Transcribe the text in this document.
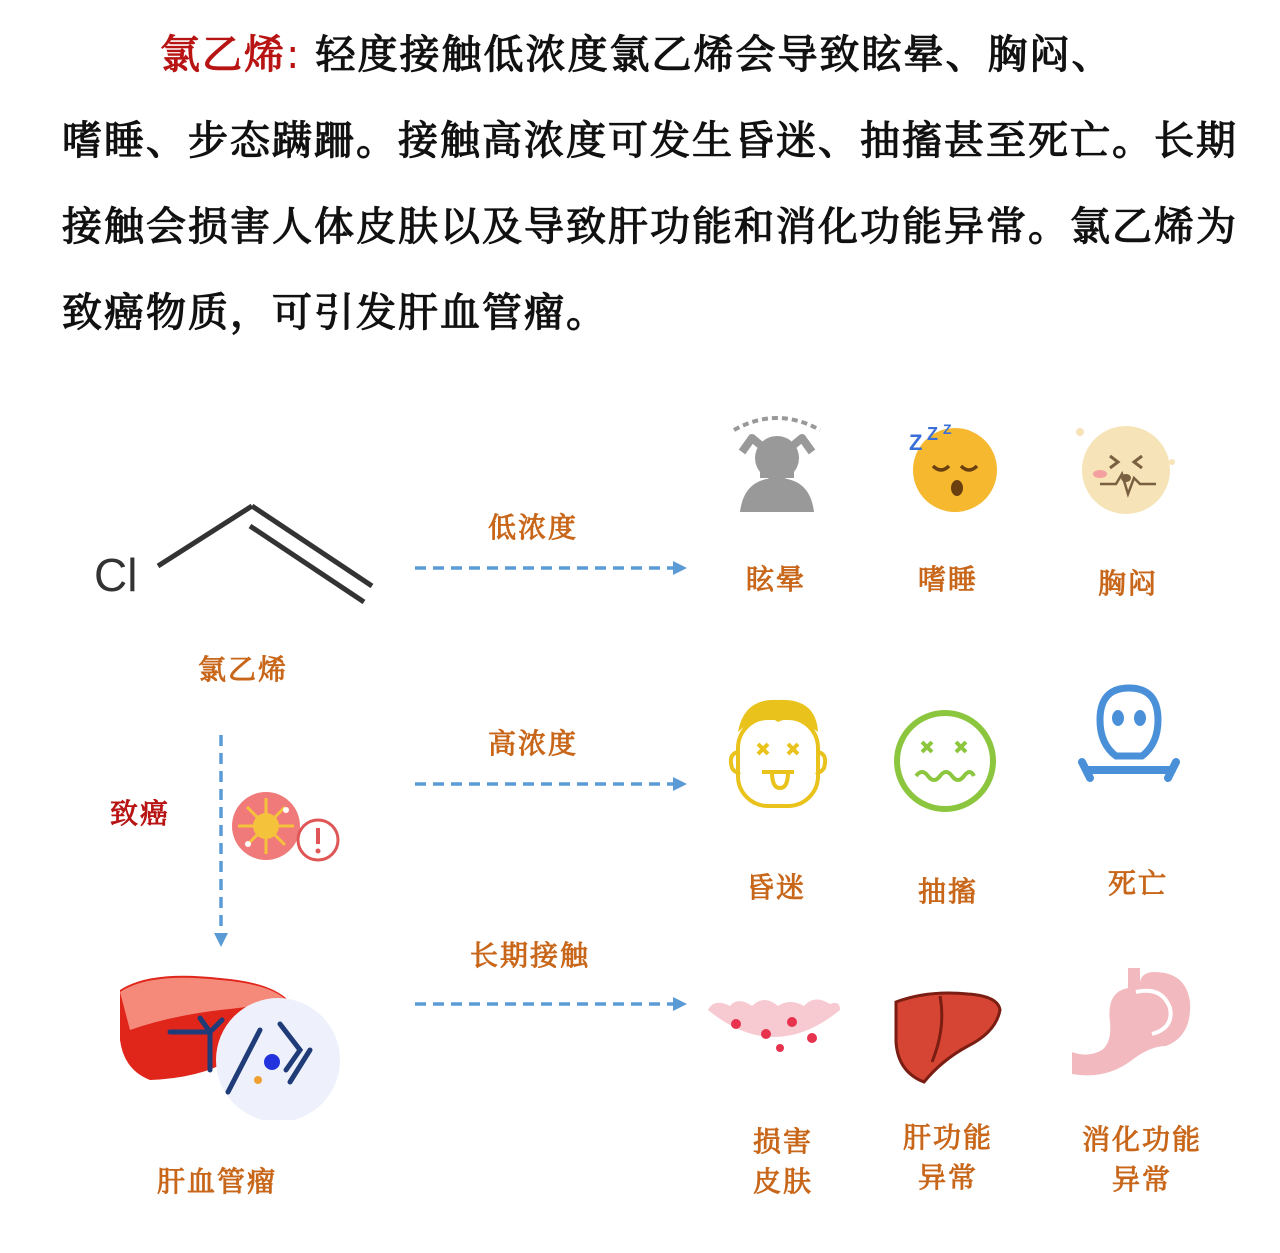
氯乙烯: 轻度接触低浓度氯乙烯会导致眩晕、胸闷、
嗜睡、步态蹒跚。接触高浓度可发生昏迷、抽搐甚至死亡。长期接触会损害人体皮肤以及导致肝功能和消化功能异常。氯乙烯为致癌物质，可引发肝血管瘤。
Cl
氯乙烯
致癌
肝血管瘤
低浓度
高浓度
长期接触
Z Z Z
眩晕	嗜睡	胸闷
昏迷	抽搐	死亡
损害
皮肤
肝功能
异常
消化功能
异常
